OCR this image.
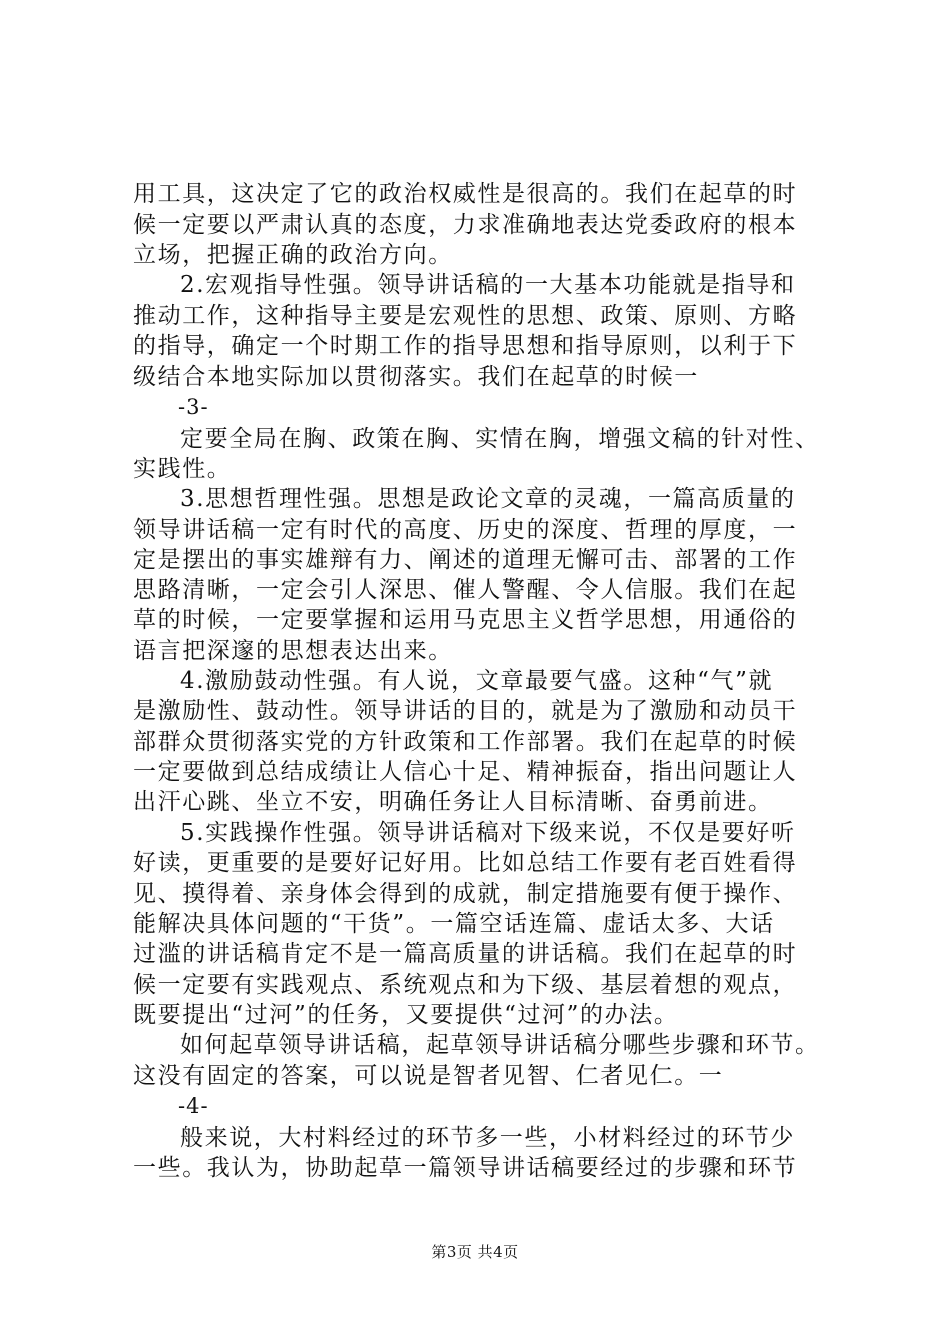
用工具，这决定了它的政治权威性是很高的。我们在起草的时
候一定要以严肃认真的态度，力求准确地表达党委政府的根本
立场，把握正确的政治方向。
2.宏观指导性强。领导讲话稿的一大基本功能就是指导和
推动工作，这种指导主要是宏观性的思想、政策、原则、方略
的指导，确定一个时期工作的指导思想和指导原则，以利于下
级结合本地实际加以贯彻落实。我们在起草的时候一
-3-
定要全局在胸、政策在胸、实情在胸，增强文稿的针对性、
实践性。
3.思想哲理性强。思想是政论文章的灵魂，一篇高质量的
领导讲话稿一定有时代的高度、历史的深度、哲理的厚度，一
定是摆出的事实雄辩有力、阐述的道理无懈可击、部署的工作
思路清晰，一定会引人深思、催人警醒、令人信服。我们在起
草的时候，一定要掌握和运用马克思主义哲学思想，用通俗的
语言把深邃的思想表达出来。
4.激励鼓动性强。有人说，文章最要气盛。这种“气”就
是激励性、鼓动性。领导讲话的目的，就是为了激励和动员干
部群众贯彻落实党的方针政策和工作部署。我们在起草的时候
一定要做到总结成绩让人信心十足、精神振奋，指出问题让人
出汗心跳、坐立不安，明确任务让人目标清晰、奋勇前进。
5.实践操作性强。领导讲话稿对下级来说，不仅是要好听
好读，更重要的是要好记好用。比如总结工作要有老百姓看得
见、摸得着、亲身体会得到的成就，制定措施要有便于操作、
能解决具体问题的“干货”。一篇空话连篇、虚话太多、大话
过滥的讲话稿肯定不是一篇高质量的讲话稿。我们在起草的时
候一定要有实践观点、系统观点和为下级、基层着想的观点，
既要提出“过河”的任务，又要提供“过河”的办法。
如何起草领导讲话稿，起草领导讲话稿分哪些步骤和环节。
这没有固定的答案，可以说是智者见智、仁者见仁。一
-4-
般来说，大村料经过的环节多一些，小材料经过的环节少
一些。我认为，协助起草一篇领导讲话稿要经过的步骤和环节
第3页 共4页
